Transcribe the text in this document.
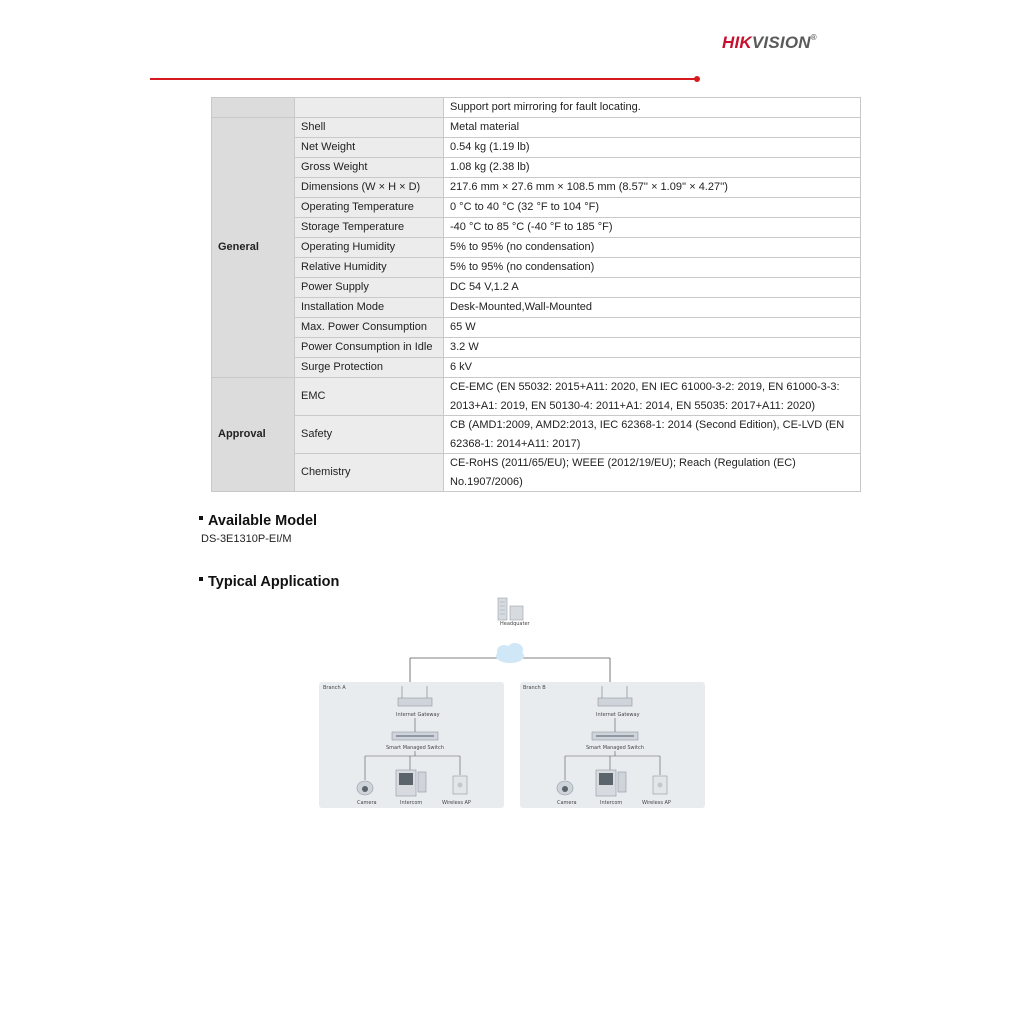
HIKVISION®
		Support port mirroring for fault locating.
General	Shell	Metal material
	Net Weight	0.54 kg (1.19 lb)
	Gross Weight	1.08 kg (2.38 lb)
	Dimensions (W × H × D)	217.6 mm × 27.6 mm × 108.5 mm (8.57'' × 1.09'' × 4.27'')
	Operating Temperature	0 °C to 40 °C (32 °F to 104 °F)
	Storage Temperature	-40 °C to 85 °C (-40 °F to 185 °F)
	Operating Humidity	5% to 95% (no condensation)
	Relative Humidity	5% to 95% (no condensation)
	Power Supply	DC 54 V,1.2 A
	Installation Mode	Desk-Mounted,Wall-Mounted
	Max. Power Consumption	65 W
	Power Consumption in Idle	3.2 W
	Surge Protection	6 kV
Approval	EMC	CE-EMC (EN 55032: 2015+A11: 2020, EN IEC 61000-3-2: 2019, EN 61000-3-3: 2013+A1: 2019, EN 50130-4: 2011+A1: 2014, EN 55035: 2017+A11: 2020)
	Safety	CB (AMD1:2009, AMD2:2013, IEC 62368-1: 2014 (Second Edition), CE-LVD (EN 62368-1: 2014+A11: 2017)
	Chemistry	CE-RoHS (2011/65/EU); WEEE (2012/19/EU); Reach (Regulation (EC) No.1907/2006)
Available Model
DS-3E1310P-EI/M
Typical Application
Headquater
Branch A
Internet Gateway
Smart Managed Switch
Camera	Intercom	Wireless AP
Branch B
Internet Gateway
Smart Managed Switch
Camera	Intercom	Wireless AP
